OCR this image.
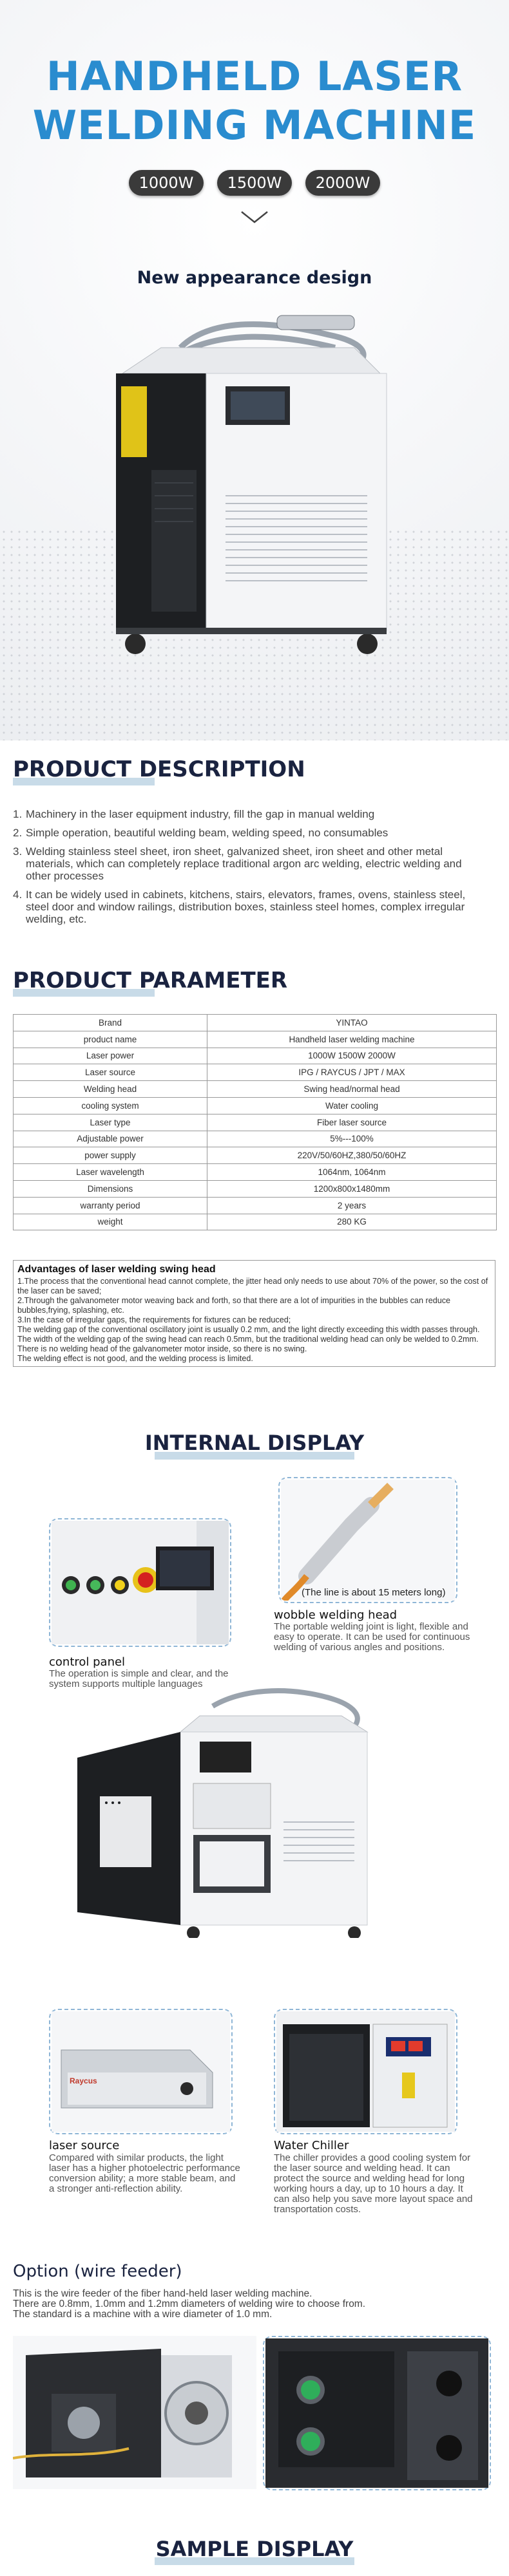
HANDHELD LASER
WELDING MACHINE
1000W	1500W	2000W
New appearance design
PRODUCT DESCRIPTION
1. Machinery in the laser equipment industry, fill the gap in manual welding
2. Simple operation, beautiful welding beam, welding speed, no consumables
3. Welding stainless steel sheet, iron sheet, galvanized sheet, iron sheet and other metal materials, which can completely replace traditional argon arc welding, electric welding and other processes
4. It can be widely used in cabinets, kitchens, stairs, elevators, frames, ovens, stainless steel, steel door and window railings, distribution boxes, stainless steel homes, complex irregular welding, etc.
PRODUCT PARAMETER
Brand	YINTAO
product name	Handheld laser welding machine
Laser power	1000W 1500W 2000W
Laser source	IPG / RAYCUS / JPT / MAX
Welding head	Swing head/normal head
cooling system	Water cooling
Laser type	Fiber laser source
Adjustable power	5%---100%
power supply	220V/50/60HZ,380/50/60HZ
Laser wavelength	1064nm, 1064nm
Dimensions	1200x800x1480mm
warranty period	2 years
weight	280 KG
Advantages of laser welding swing head
1.The process that the conventional head cannot complete, the jitter head only needs to use about 70% of the power, so the cost of the laser can be saved;
2.Through the galvanometer motor weaving back and forth, so that there are a lot of impurities in the bubbles can reduce bubbles,frying, splashing, etc.
3.In the case of irregular gaps, the requirements for fixtures can be reduced;
The welding gap of the conventional oscillatory joint is usually 0.2 mm, and the light directly exceeding this width passes through. The width of the welding gap of the swing head can reach 0.5mm, but the traditional welding head can only be welded to 0.2mm. There is no welding head of the galvanometer motor inside, so there is no swing.
The welding effect is not good, and the welding process is limited.
INTERNAL DISPLAY
control panel
The operation is simple and clear, and the system supports multiple languages
(The line is about 15 meters long)
wobble welding head
The portable welding joint is light, flexible and easy to operate. It can be used for continuous welding of various angles and positions.
Raycus
laser source
Compared with similar products, the light laser has a higher photoelectric performance conversion ability; a more stable beam, and a stronger anti-reflection ability.
Water Chiller
The chiller provides a good cooling system for the laser source and welding head. It can protect the source and welding head for long working hours a day, up to 10 hours a day. It can also help you save more layout space and transportation costs.
Option (wire feeder)
This is the wire feeder of the fiber hand-held laser welding machine.
There are 0.8mm, 1.0mm and 1.2mm diameters of welding wire to choose from.
The standard is a machine with a wire diameter of 1.0 mm.
SAMPLE DISPLAY
